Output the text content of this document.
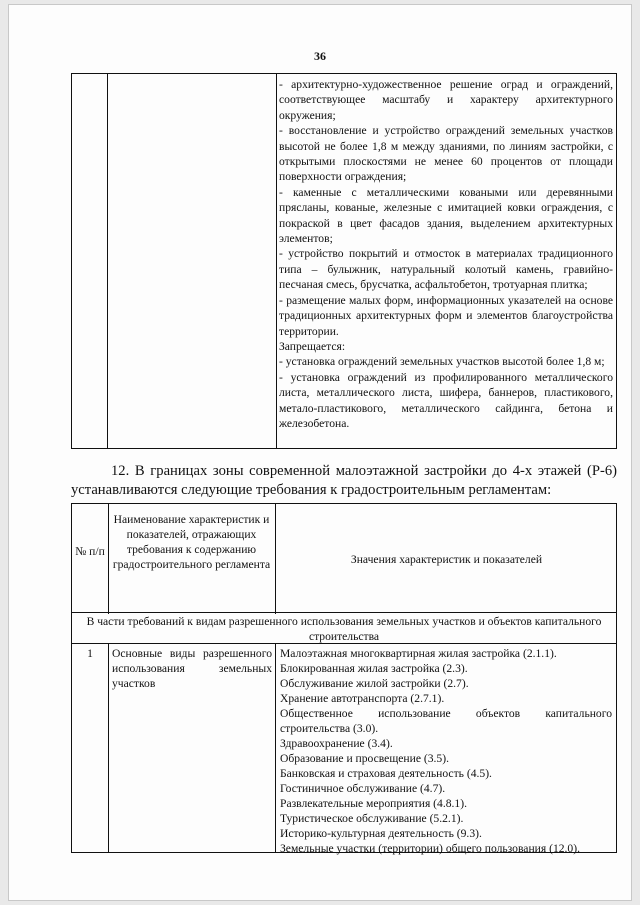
36

- архитектурно-художественное решение оград и ограждений, соответствующее масштабу и характеру архитектурного окружения;

- восстановление и устройство ограждений земельных участков высотой не более 1,8 м между зданиями, по линиям застройки, с открытыми плоскостями не менее 60 процентов от площади поверхности ограждения;

- каменные с металлическими коваными или деревянными прясланы, кованые, железные с имитацией ковки ограждения, с покраской в цвет фасадов здания, выделением архитектурных элементов;

- устройство покрытий и отмосток в материалах традиционного типа – булыжник, натуральный колотый камень, гравийно-песчаная смесь, брусчатка, асфальтобетон, тротуарная плитка;

- размещение малых форм, информационных указателей на основе традиционных архитектурных форм и элементов благоустройства территории.

Запрещается:

- установка ограждений земельных участков высотой более 1,8 м;

- установка ограждений из профилированного металлического листа, металлического листа, шифера, баннеров, пластикового, метало-пластикового, металлического сайдинга, бетона и железобетона.

12. В границах зоны современной малоэтажной застройки до 4-х этажей (Р-6) устанавливаются следующие требования к градостроительным регламентам:
№ п/п
Наименование характеристик и показателей, отражающих требования к содержанию градостроительного регламента	Значения характеристик и показателей
В части требований к видам разрешенного использования земельных участков и объектов капитального строительства
1	Основные виды разрешенного использования земельных участков

Малоэтажная многоквартирная жилая застройка (2.1.1).

Блокированная жилая застройка (2.3).

Обслуживание жилой застройки (2.7).

Хранение автотранспорта (2.7.1).

Общественное использование объектов капитального строительства (3.0).

Здравоохранение (3.4).

Образование и просвещение (3.5).

Банковская и страховая деятельность (4.5).

Гостиничное обслуживание (4.7).

Развлекательные мероприятия (4.8.1).

Туристическое обслуживание (5.2.1).

Историко-культурная деятельность (9.3).

Земельные участки (территории) общего пользования (12.0).
